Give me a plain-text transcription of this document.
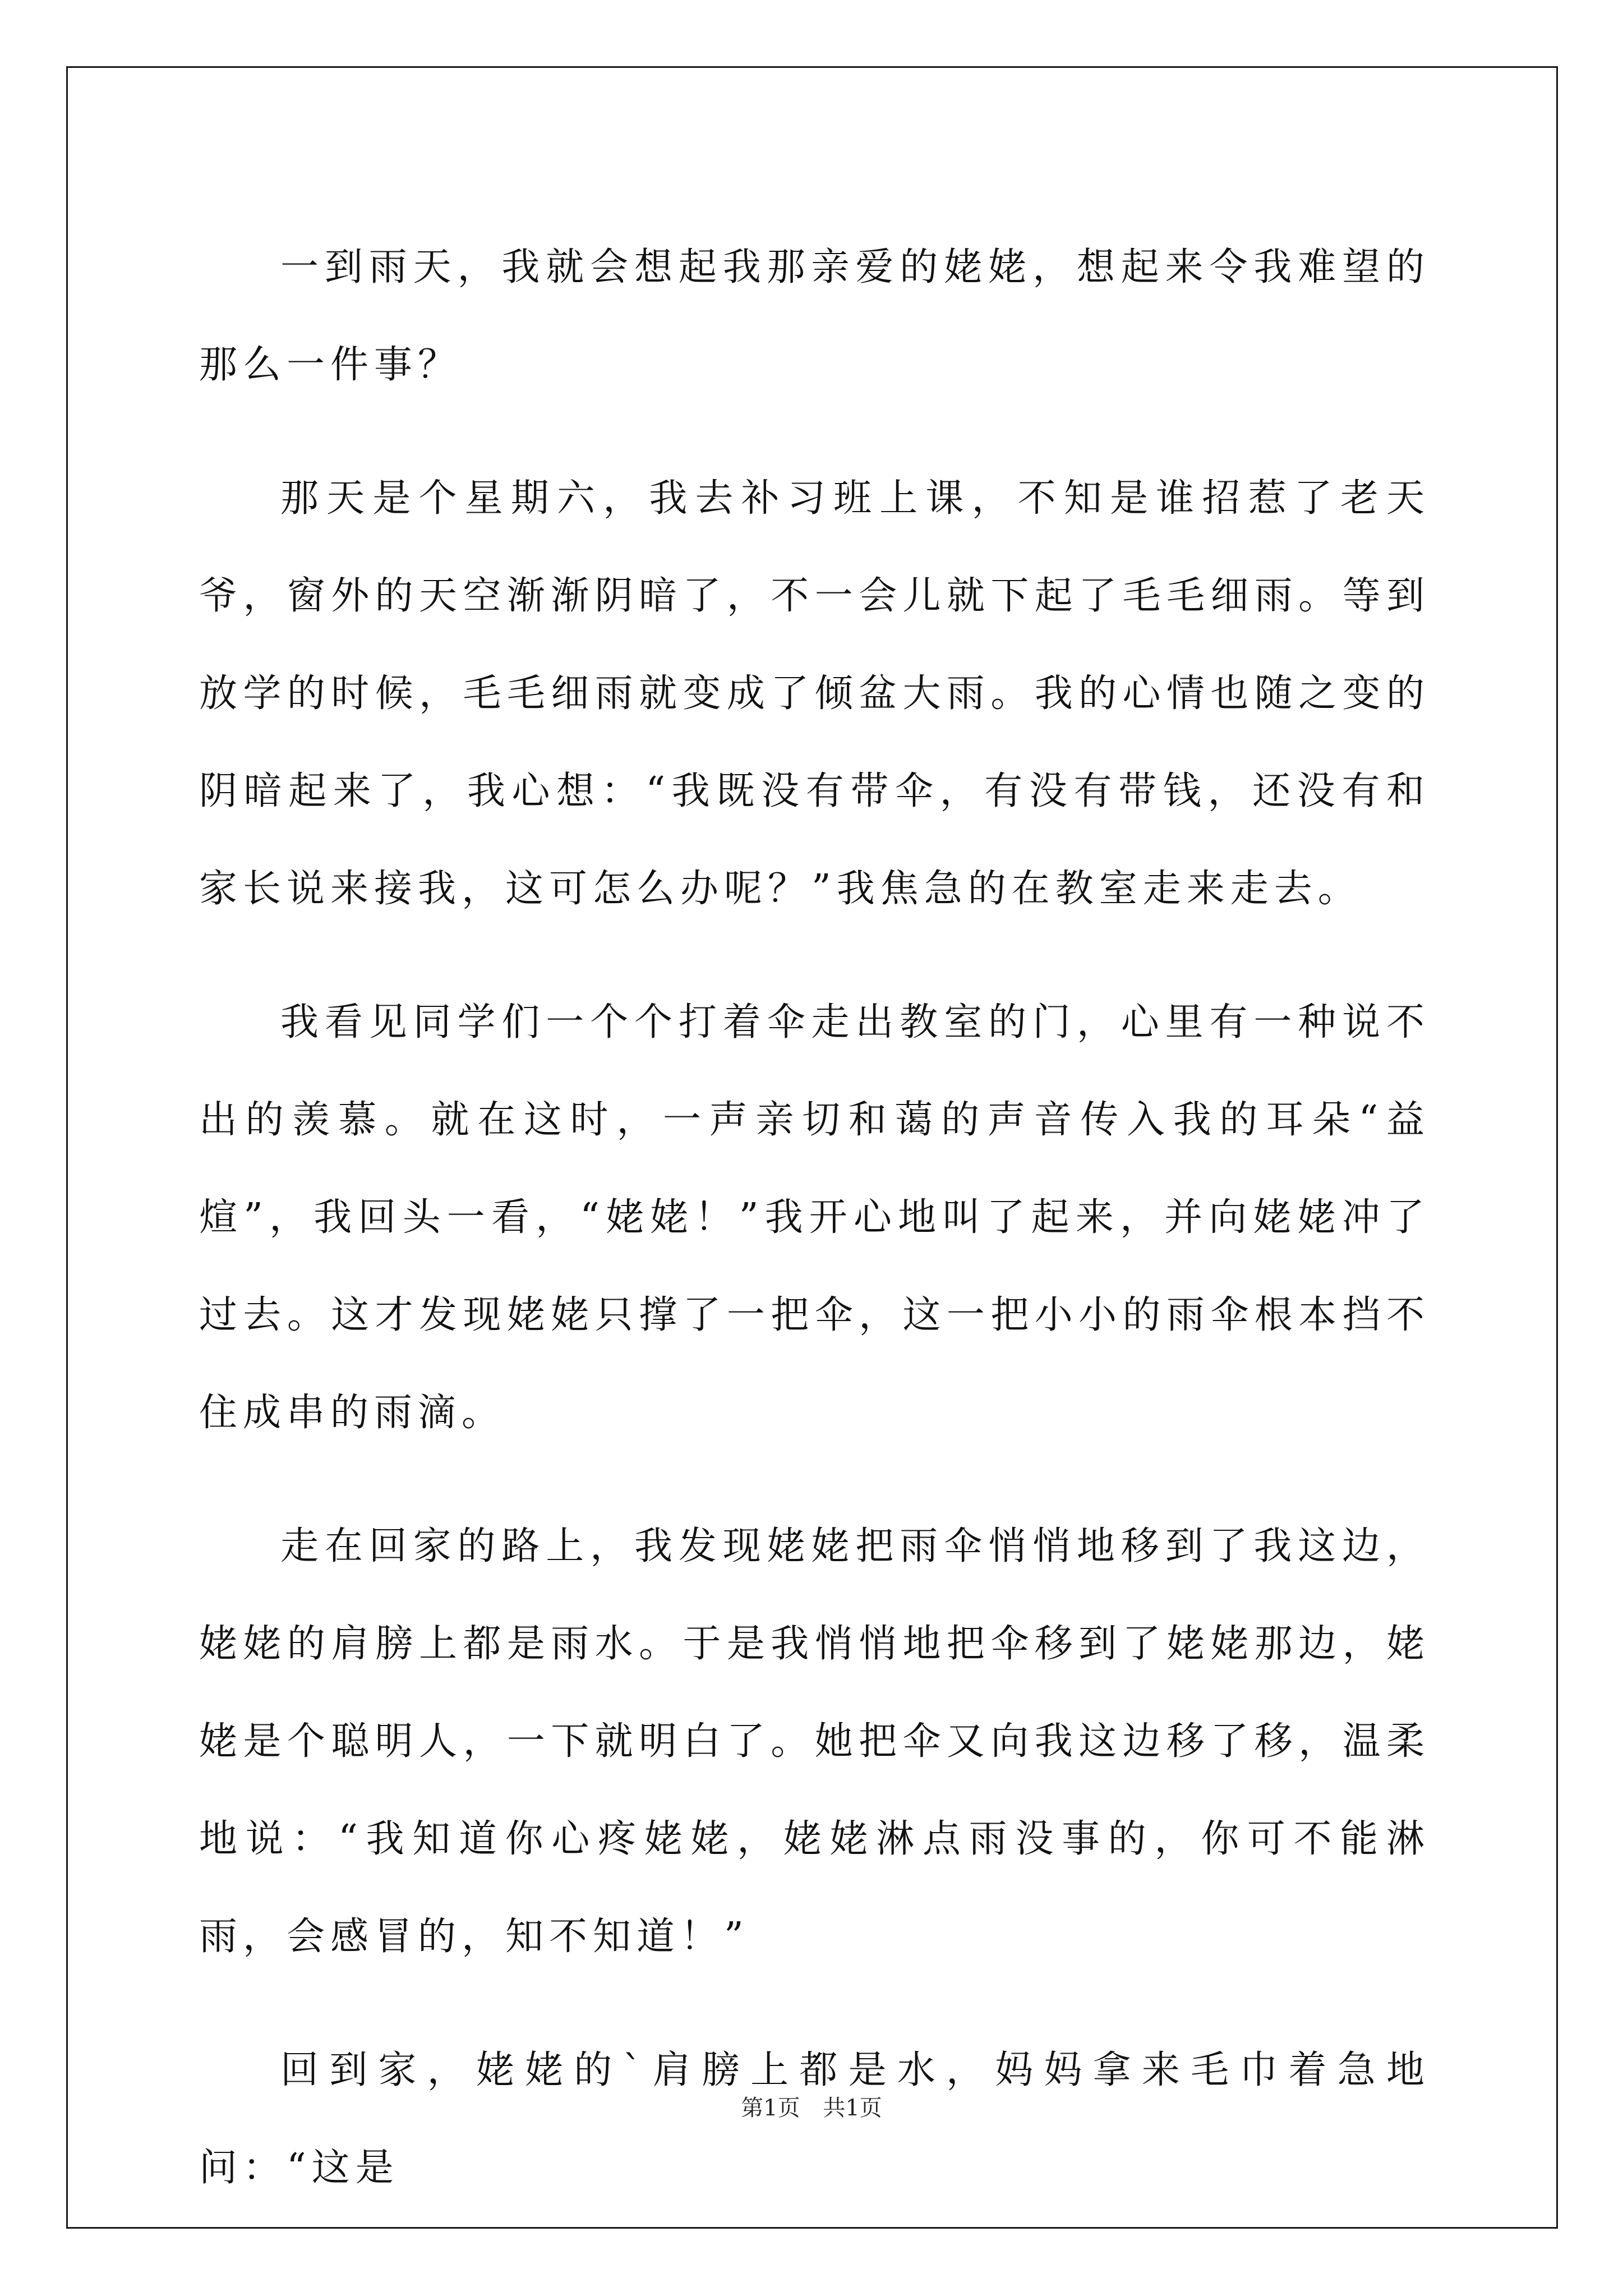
一到雨天，我就会想起我那亲爱的姥姥，想起来令我难望的那么一件事？

那天是个星期六，我去补习班上课，不知是谁招惹了老天爷，窗外的天空渐渐阴暗了，不一会儿就下起了毛毛细雨。等到放学的时候，毛毛细雨就变成了倾盆大雨。我的心情也随之变的阴暗起来了，我心想：“我既没有带伞，有没有带钱，还没有和家长说来接我，这可怎么办呢？”我焦急的在教室走来走去。

我看见同学们一个个打着伞走出教室的门，心里有一种说不出的羡慕。就在这时，一声亲切和蔼的声音传入我的耳朵“益煊”，我回头一看，“姥姥！”我开心地叫了起来，并向姥姥冲了过去。这才发现姥姥只撑了一把伞，这一把小小的雨伞根本挡不住成串的雨滴。

走在回家的路上，我发现姥姥把雨伞悄悄地移到了我这边，姥姥的肩膀上都是雨水。于是我悄悄地把伞移到了姥姥那边，姥姥是个聪明人，一下就明白了。她把伞又向我这边移了移，温柔地说：“我知道你心疼姥姥，姥姥淋点雨没事的，你可不能淋雨，会感冒的，知不知道！”

回到家，姥姥的`肩膀上都是水，妈妈拿来毛巾着急地问：“这是

第1页 共1页
